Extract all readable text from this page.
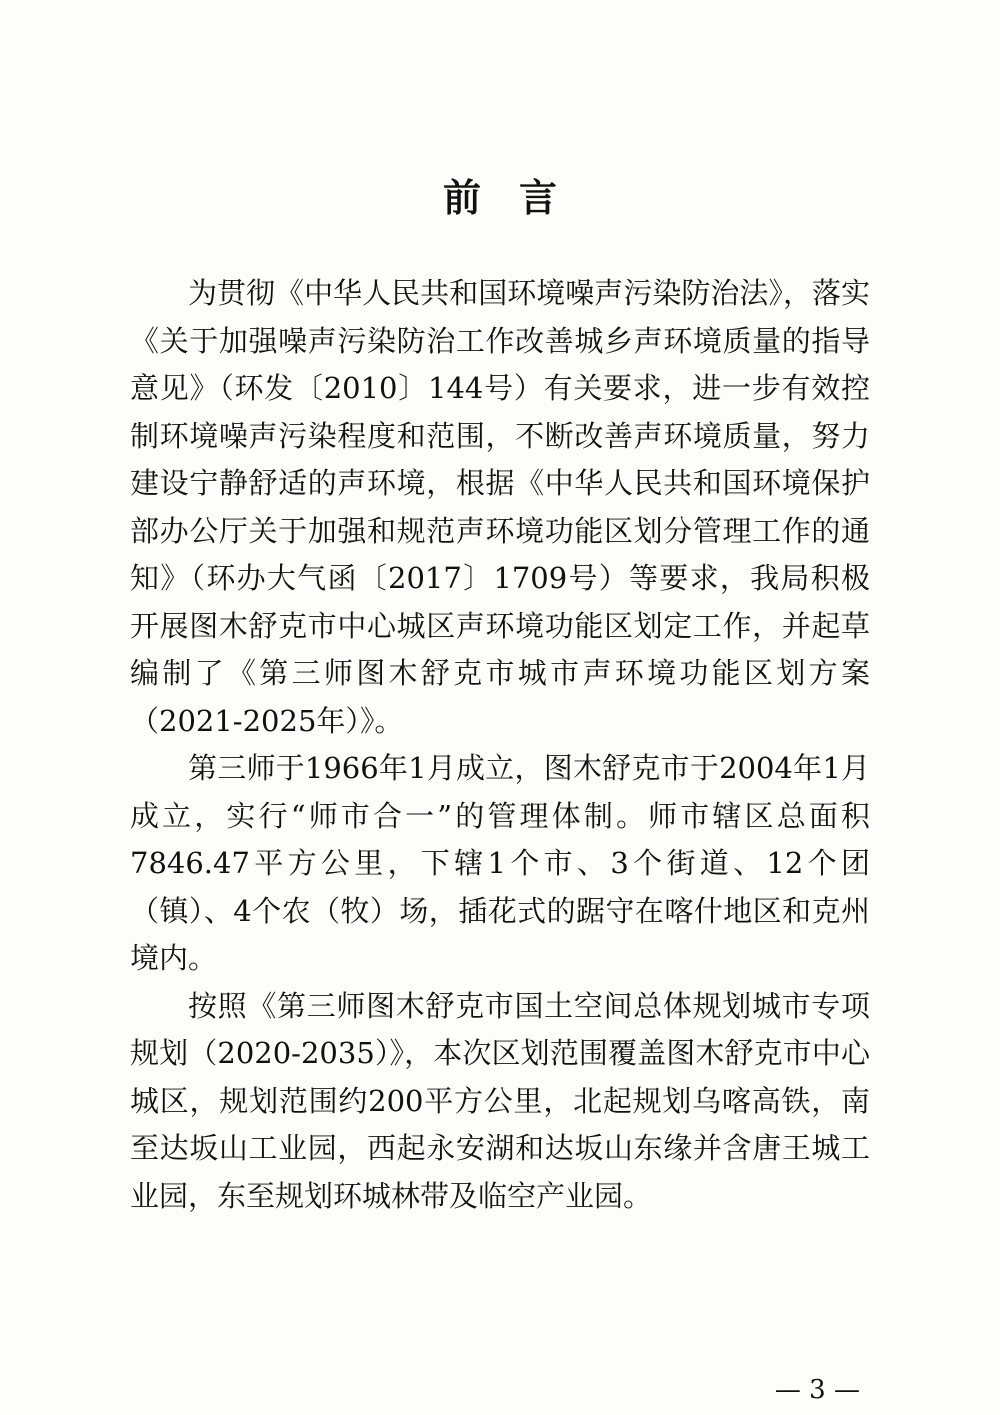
前言

为贯彻《中华人民共和国环境噪声污染防治法》，落实《关于加强噪声污染防治工作改善城乡声环境质量的指导意见》（环发〔2010〕144号）有关要求，进一步有效控制环境噪声污染程度和范围，不断改善声环境质量，努力建设宁静舒适的声环境，根据《中华人民共和国环境保护部办公厅关于加强和规范声环境功能区划分管理工作的通知》（环办大气函〔2017〕1709号）等要求，我局积极开展图木舒克市中心城区声环境功能区划定工作，并起草编制了《第三师图木舒克市城市声环境功能区划方案（2021-2025年）》。

第三师于1966年1月成立，图木舒克市于2004年1月成立，实行“师市合一”的管理体制。师市辖区总面积7846.47平方公里，下辖1个市、3个街道、12个团（镇）、4个农（牧）场，插花式的踞守在喀什地区和克州境内。

按照《第三师图木舒克市国土空间总体规划城市专项规划（2020-2035）》，本次区划范围覆盖图木舒克市中心城区，规划范围约200平方公里，北起规划乌喀高铁，南至达坂山工业园，西起永安湖和达坂山东缘并含唐王城工业园，东至规划环城林带及临空产业园。

— 3 —
